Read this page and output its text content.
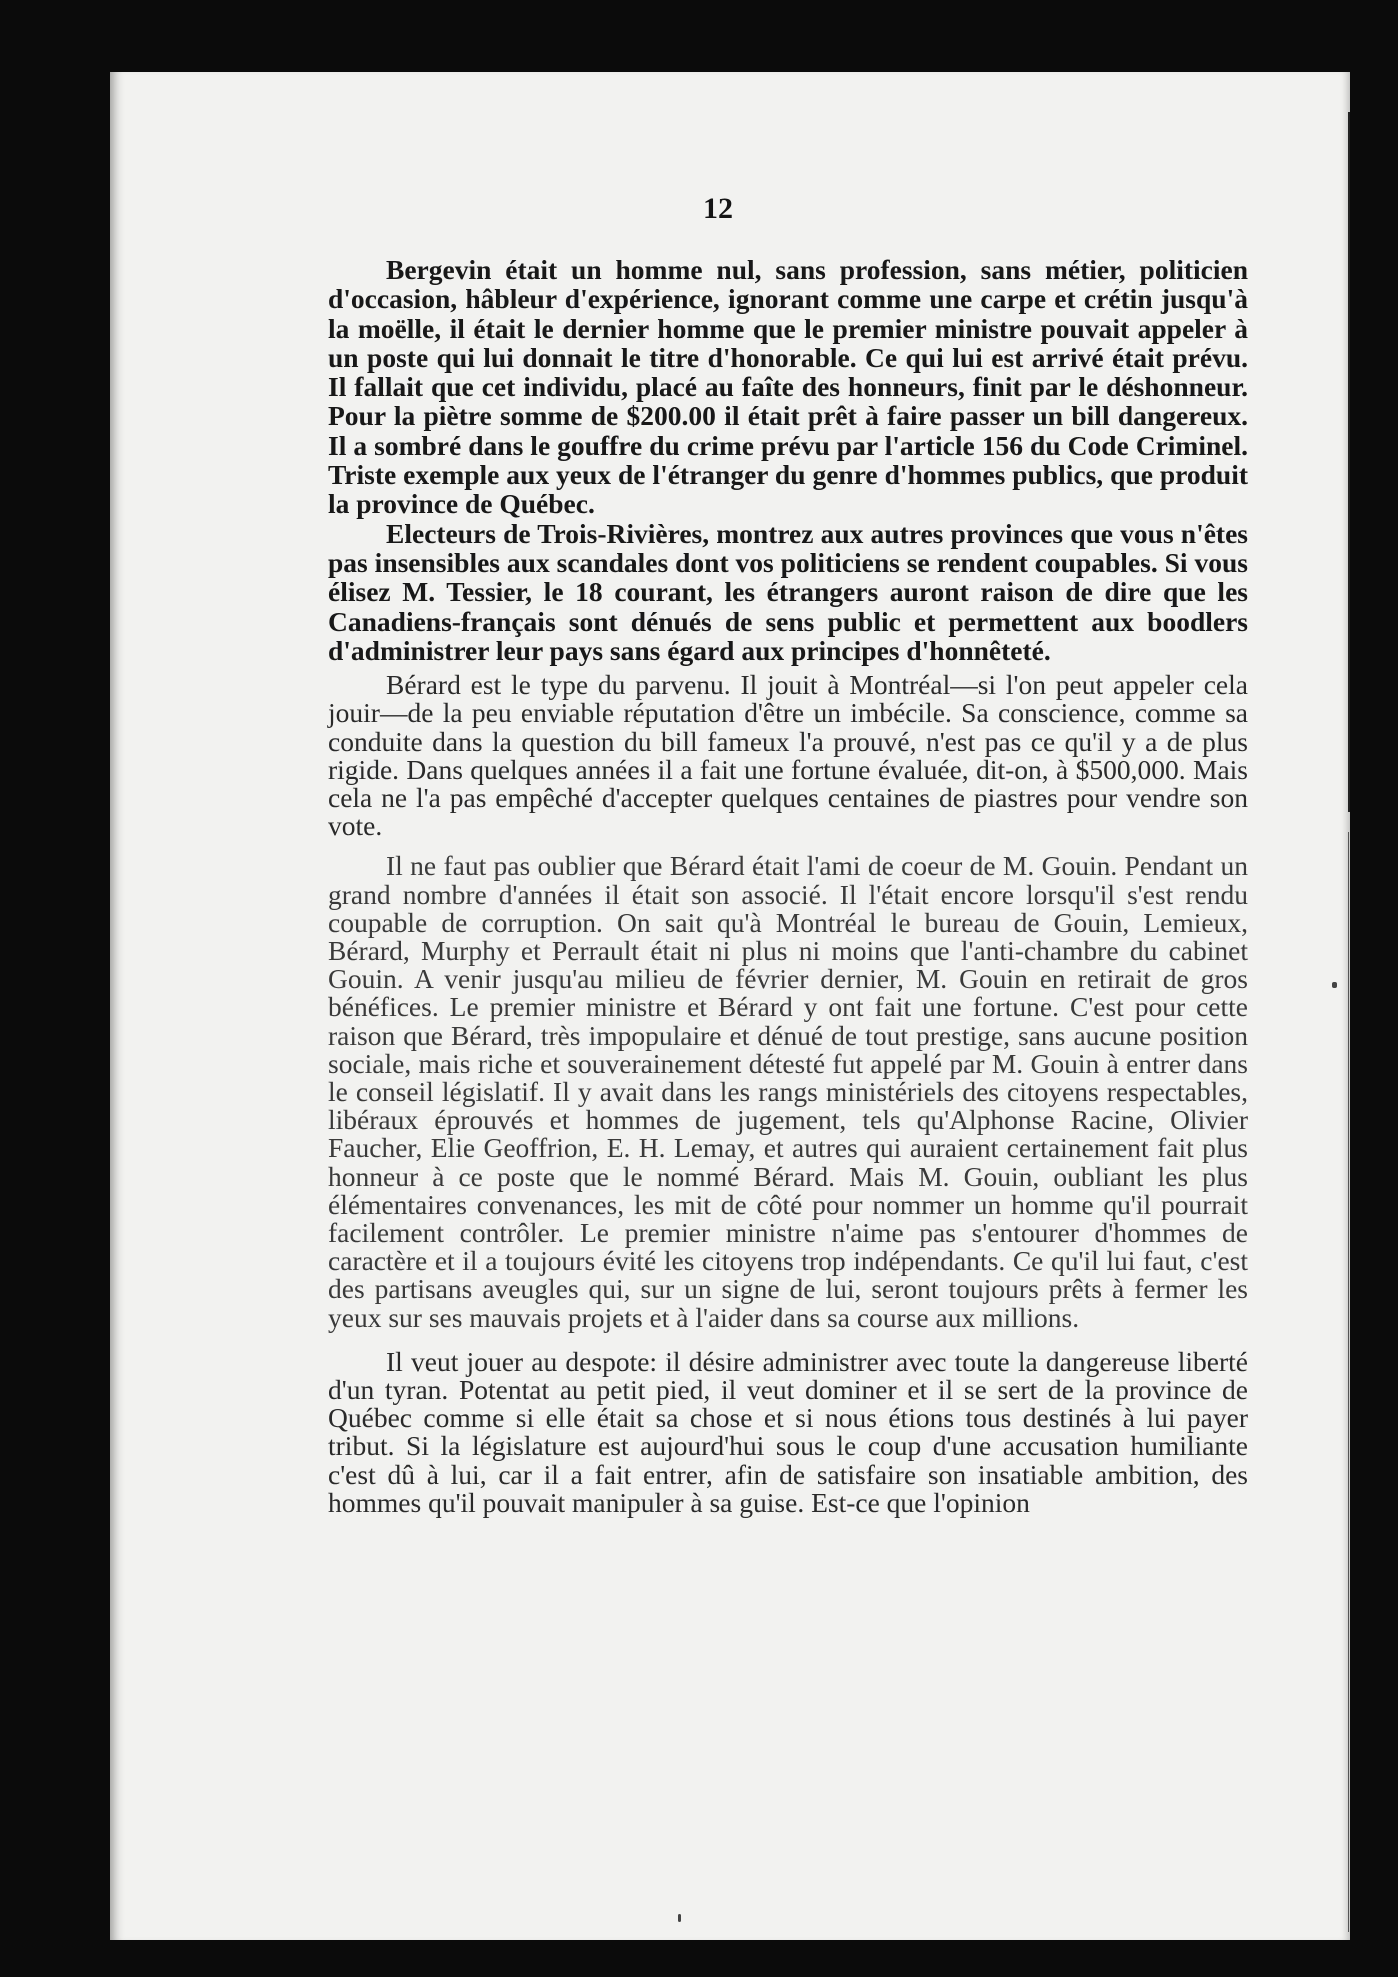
12

Bergevin était un homme nul, sans profession, sans métier, politicien d'occasion, hâbleur d'expérience, ignorant comme une carpe et crétin jusqu'à la moëlle, il était le dernier homme que le premier ministre pouvait appeler à un poste qui lui donnait le titre d'honorable. Ce qui lui est arrivé était prévu. Il fallait que cet individu, placé au faîte des honneurs, finit par le déshonneur. Pour la piètre somme de $200.00 il était prêt à faire passer un bill dangereux. Il a sombré dans le gouffre du crime prévu par l'article 156 du Code Criminel. Triste exemple aux yeux de l'étranger du genre d'hommes publics, que produit la province de Québec.

Electeurs de Trois-Rivières, montrez aux autres provinces que vous n'êtes pas insensibles aux scandales dont vos politiciens se rendent coupables. Si vous élisez M. Tessier, le 18 courant, les étrangers auront raison de dire que les Canadiens-français sont dénués de sens public et permettent aux boodlers d'administrer leur pays sans égard aux principes d'honnêteté.

Bérard est le type du parvenu. Il jouit à Montréal—si l'on peut appeler cela jouir—de la peu enviable réputation d'être un imbécile. Sa conscience, comme sa conduite dans la question du bill fameux l'a prouvé, n'est pas ce qu'il y a de plus rigide. Dans quelques années il a fait une fortune évaluée, dit-on, à $500,000. Mais cela ne l'a pas empêché d'accepter quelques centaines de piastres pour vendre son vote.

Il ne faut pas oublier que Bérard était l'ami de coeur de M. Gouin. Pendant un grand nombre d'années il était son associé. Il l'était encore lorsqu'il s'est rendu coupable de corruption. On sait qu'à Montréal le bureau de Gouin, Lemieux, Bérard, Murphy et Perrault était ni plus ni moins que l'anti-chambre du cabinet Gouin. A venir jusqu'au milieu de février dernier, M. Gouin en retirait de gros bénéfices. Le premier ministre et Bérard y ont fait une fortune. C'est pour cette raison que Bérard, très impopulaire et dénué de tout prestige, sans aucune position sociale, mais riche et souverainement détesté fut appelé par M. Gouin à entrer dans le conseil législatif. Il y avait dans les rangs ministériels des citoyens respectables, libéraux éprouvés et hommes de jugement, tels qu'Alphonse Racine, Olivier Faucher, Elie Geoffrion, E. H. Lemay, et autres qui auraient certainement fait plus honneur à ce poste que le nommé Bérard. Mais M. Gouin, oubliant les plus élémentaires convenances, les mit de côté pour nommer un homme qu'il pourrait facilement contrôler. Le premier ministre n'aime pas s'entourer d'hommes de caractère et il a toujours évité les citoyens trop indépendants. Ce qu'il lui faut, c'est des partisans aveugles qui, sur un signe de lui, seront toujours prêts à fermer les yeux sur ses mauvais projets et à l'aider dans sa course aux millions.

Il veut jouer au despote: il désire administrer avec toute la dangereuse liberté d'un tyran. Potentat au petit pied, il veut dominer et il se sert de la province de Québec comme si elle était sa chose et si nous étions tous destinés à lui payer tribut. Si la législature est aujourd'hui sous le coup d'une accusation humiliante c'est dû à lui, car il a fait entrer, afin de satisfaire son insatiable ambition, des hommes qu'il pouvait manipuler à sa guise. Est-ce que l'opinion
